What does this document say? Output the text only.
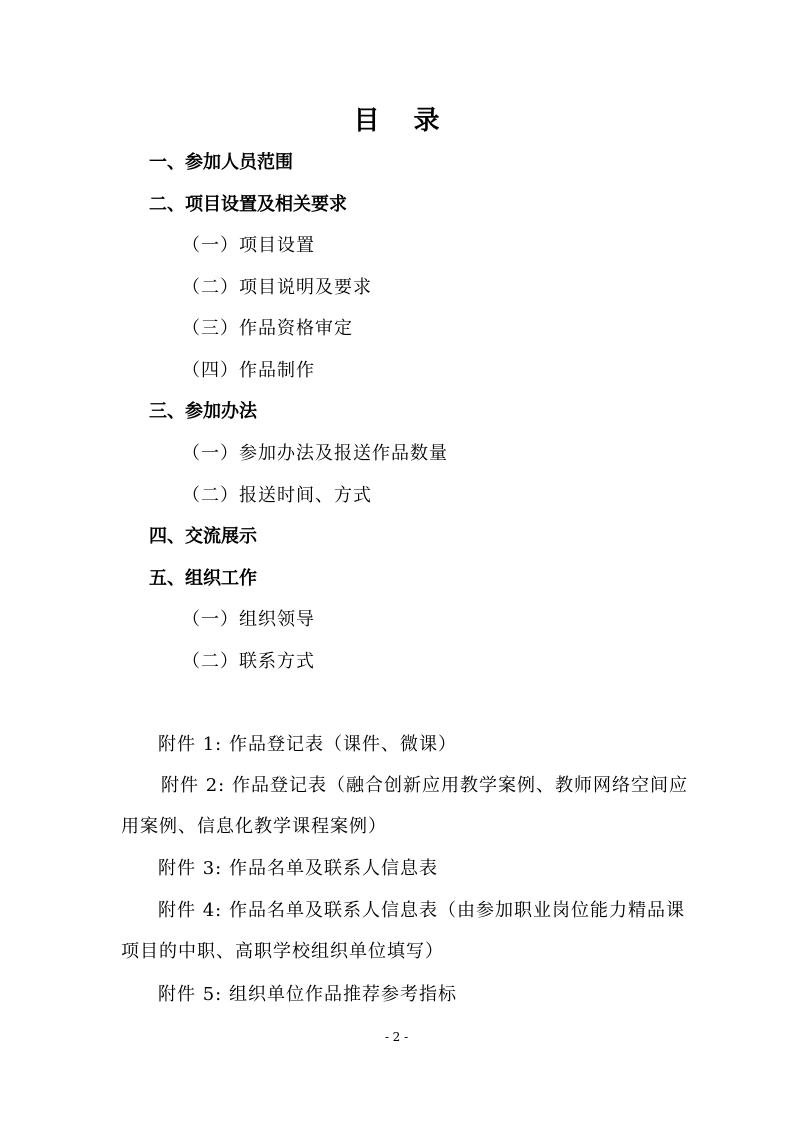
目 录
一、参加人员范围
二、项目设置及相关要求
（一）项目设置
（二）项目说明及要求
（三）作品资格审定
（四）作品制作
三、参加办法
（一）参加办法及报送作品数量
（二）报送时间、方式
四、交流展示
五、组织工作
（一）组织领导
（二）联系方式
附件 1: 作品登记表（课件、微课）
附件 2: 作品登记表（融合创新应用教学案例、教师网络空间应
用案例、信息化教学课程案例）
附件 3: 作品名单及联系人信息表
附件 4: 作品名单及联系人信息表（由参加职业岗位能力精品课
项目的中职、高职学校组织单位填写）
附件 5: 组织单位作品推荐参考指标
- 2 -
